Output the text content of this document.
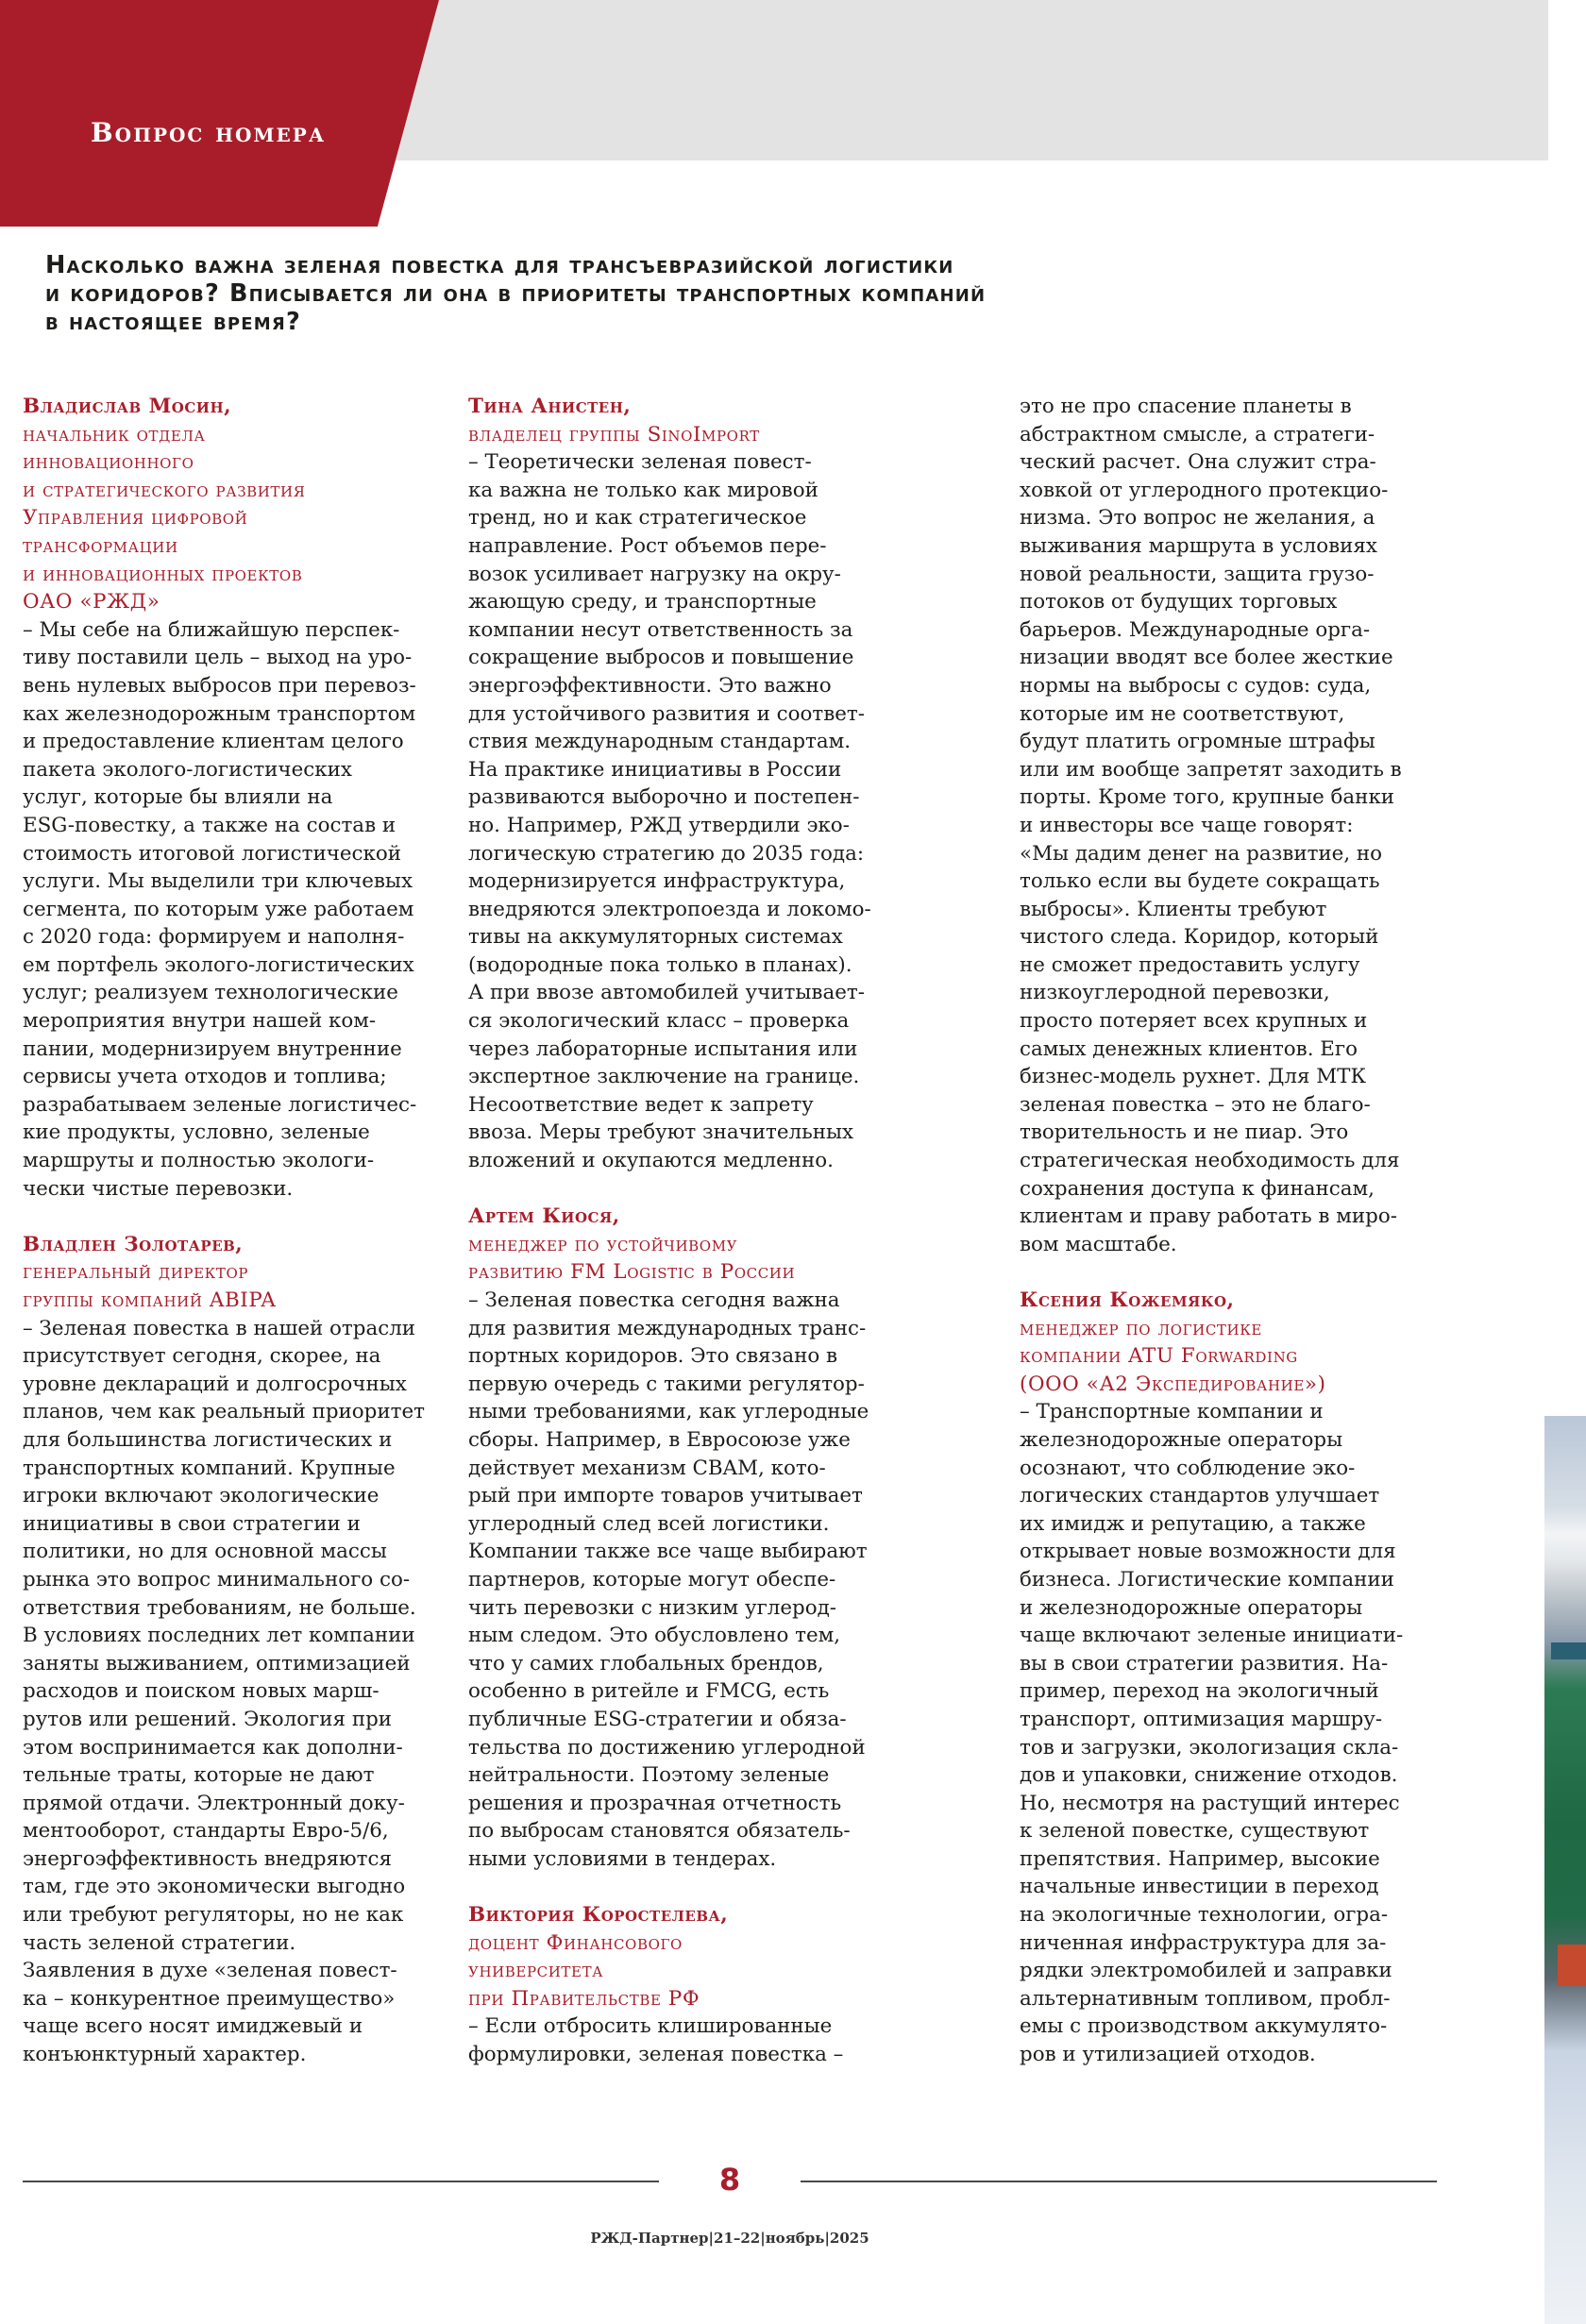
Вопрос номера
Насколько важна зеленая повестка для трансъевразийской логистики
и коридоров? Вписывается ли она в приоритеты транспортных компаний
в настоящее время?

Владислав Мосин,

начальник отдела
инновационного
и стратегического развития
Управления цифровой
трансформации
и инновационных проектов
ОАО «РЖД»

– Мы себе на ближайшую перспек-
тиву поставили цель – выход на уро-
вень нулевых выбросов при перевоз-
ках железнодорожным транспортом
и предоставление клиентам целого
пакета эколого-логистических
услуг, которые бы влияли на
ESG-повестку, а также на состав и
стоимость итоговой логистической
услуги. Мы выделили три ключевых
сегмента, по которым уже работаем
с 2020 года: формируем и наполня-
ем портфель эколого-логистических
услуг; реализуем технологические
мероприятия внутри нашей ком-
пании, модернизируем внутренние
сервисы учета отходов и топлива;
разрабатываем зеленые логистичес-
кие продукты, условно, зеленые
маршруты и полностью экологи-
чески чистые перевозки.

Владлен Золотарев,

генеральный директор
группы компаний ABIPA

– Зеленая повестка в нашей отрасли
присутствует сегодня, скорее, на
уровне деклараций и долгосрочных
планов, чем как реальный приоритет
для большинства логистических и
транспортных компаний. Крупные
игроки включают экологические
инициативы в свои стратегии и
политики, но для основной массы
рынка это вопрос минимального со-
ответствия требованиям, не больше.
В условиях последних лет компании
заняты выживанием, оптимизацией
расходов и поиском новых марш-
рутов или решений. Экология при
этом воспринимается как дополни-
тельные траты, которые не дают
прямой отдачи. Электронный доку-
ментооборот, стандарты Евро-5/6,
энергоэффективность внедряются
там, где это экономически выгодно
или требуют регуляторы, но не как
часть зеленой стратегии.
Заявления в духе «зеленая повест-
ка – конкурентное преимущество»
чаще всего носят имиджевый и
конъюнктурный характер.

Тина Анистен,

владелец группы SinoImport

– Теоретически зеленая повест-
ка важна не только как мировой
тренд, но и как стратегическое
направление. Рост объемов пере-
возок усиливает нагрузку на окру-
жающую среду, и транспортные
компании несут ответственность за
сокращение выбросов и повышение
энергоэффективности. Это важно
для устойчивого развития и соответ-
ствия международным стандартам.
На практике инициативы в России
развиваются выборочно и постепен-
но. Например, РЖД утвердили эко-
логическую стратегию до 2035 года:
модернизируется инфраструктура,
внедряются электропоезда и локомо-
тивы на аккумуляторных системах
(водородные пока только в планах).
А при ввозе автомобилей учитывает-
ся экологический класс – проверка
через лабораторные испытания или
экспертное заключение на границе.
Несоответствие ведет к запрету
ввоза. Меры требуют значительных
вложений и окупаются медленно.

Артем Киося,

менеджер по устойчивому
развитию FM Logistic в России

– Зеленая повестка сегодня важна
для развития международных транс-
портных коридоров. Это связано в
первую очередь с такими регулятор-
ными требованиями, как углеродные
сборы. Например, в Евросоюзе уже
действует механизм CBAM, кото-
рый при импорте товаров учитывает
углеродный след всей логистики.
Компании также все чаще выбирают
партнеров, которые могут обеспе-
чить перевозки с низким углерод-
ным следом. Это обусловлено тем,
что у самих глобальных брендов,
особенно в ритейле и FMCG, есть
публичные ESG-стратегии и обяза-
тельства по достижению углеродной
нейтральности. Поэтому зеленые
решения и прозрачная отчетность
по выбросам становятся обязатель-
ными условиями в тендерах.

Виктория Коростелева,

доцент Финансового
университета
при Правительстве РФ

– Если отбросить клишированные
формулировки, зеленая повестка –

это не про спасение планеты в
абстрактном смысле, а стратеги-
ческий расчет. Она служит стра-
ховкой от углеродного протекцио-
низма. Это вопрос не желания, а
выживания маршрута в условиях
новой реальности, защита грузо-
потоков от будущих торговых
барьеров. Международные орга-
низации вводят все более жесткие
нормы на выбросы с судов: суда,
которые им не соответствуют,
будут платить огромные штрафы
или им вообще запретят заходить в
порты. Кроме того, крупные банки
и инвесторы все чаще говорят:
«Мы дадим денег на развитие, но
только если вы будете сокращать
выбросы». Клиенты требуют
чистого следа. Коридор, который
не сможет предоставить услугу
низкоуглеродной перевозки,
просто потеряет всех крупных и
самых денежных клиентов. Его
бизнес-модель рухнет. Для МТК
зеленая повестка – это не благо-
творительность и не пиар. Это
стратегическая необходимость для
сохранения доступа к финансам,
клиентам и праву работать в миро-
вом масштабе.

Ксения Кожемяко,

менеджер по логистике
компании ATU Forwarding
(ООО «А2 Экспедирование»)

– Транспортные компании и
железнодорожные операторы
осознают, что соблюдение эко-
логических стандартов улучшает
их имидж и репутацию, а также
открывает новые возможности для
бизнеса. Логистические компании
и железнодорожные операторы
чаще включают зеленые инициати-
вы в свои стратегии развития. На-
пример, переход на экологичный
транспорт, оптимизация маршру-
тов и загрузки, экологизация скла-
дов и упаковки, снижение отходов.
Но, несмотря на растущий интерес
к зеленой повестке, существуют
препятствия. Например, высокие
начальные инвестиции в переход
на экологичные технологии, огра-
ниченная инфраструктура для за-
рядки электромобилей и заправки
альтернативным топливом, пробл-
емы с производством аккумулято-
ров и утилизацией отходов.

8

РЖД-Партнер|21–22|ноябрь|2025
